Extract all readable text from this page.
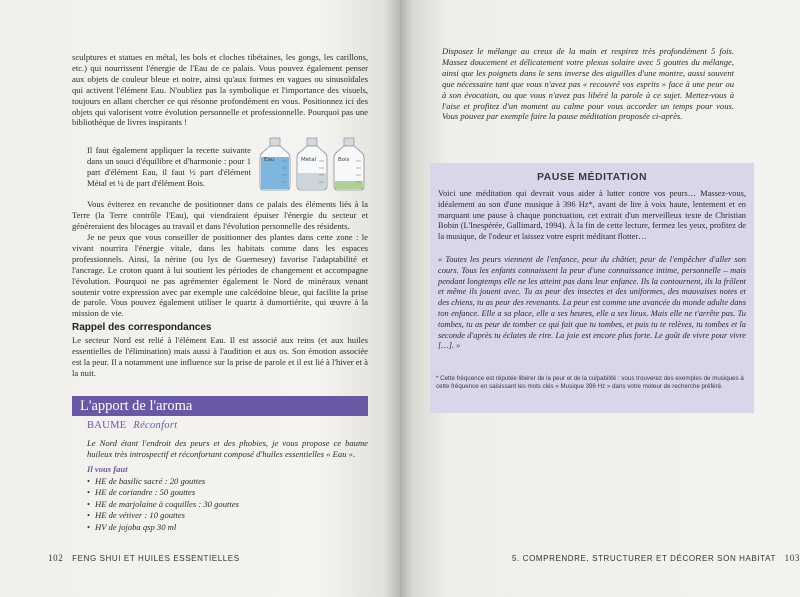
sculptures et statues en métal, les bols et cloches tibétaines, les gongs, les carillons, etc.) qui nourrissent l'énergie de l'Eau de ce palais. Vous pouvez également penser aux objets de couleur bleue et noire, ainsi qu'aux formes en vagues ou sinusoïdales qui activent l'élément Eau. N'oubliez pas la symbolique et l'importance des visuels, toujours en allant chercher ce qui résonne profondément en vous. Positionnez ici des objets qui valorisent votre évolution personnelle et professionnelle. Pourquoi pas une bibliothèque de livres inspirants !

Il faut également appliquer la recette suivante dans un souci d'équilibre et d'harmonie : pour 1 part d'élément Eau, il faut ½ part d'élément Métal et ¼ de part d'élément Bois.

Eau	Métal	Bois

Vous éviterez en revanche de positionner dans ce palais des éléments liés à la Terre (la Terre contrôle l'Eau), qui viendraient épuiser l'énergie du secteur et généreraient des blocages au travail et dans l'évolution personnelle des résidents.

Je ne peux que vous conseiller de positionner des plantes dans cette zone : le vivant nourrira l'énergie vitale, dans les habitats comme dans les espaces professionnels. Ainsi, la nérine (ou lys de Guernesey) favorise l'adaptabilité et l'ancrage. Le croton quant à lui soutient les périodes de changement et accompagne l'évolution. Pourquoi ne pas agrémenter également le Nord de minéraux venant soutenir votre expression avec par exemple une calcédoine bleue, qui facilite la prise de parole. Vous pouvez également utiliser le quartz à dumortiérite, qui œuvre à la mission de vie.

Rappel des correspondances

Le secteur Nord est relié à l'élément Eau. Il est associé aux reins (et aux huiles essentielles de l'élimination) mais aussi à l'audition et aux os. Son émotion associée est la peur. Il a notamment une influence sur la prise de parole et il est lié à l'hiver et à la nuit.

L'apport de l'aroma
BAUME Réconfort

Le Nord étant l'endroit des peurs et des phobies, je vous propose ce baume huileux très introspectif et réconfortant composé d'huiles essentielles « Eau ».

Il vous faut

• HE de basilic sacré : 20 gouttes
• HE de coriandre : 50 gouttes
• HE de marjolaine à coquilles : 30 gouttes
• HE de vétiver : 10 gouttes
• HV de jojoba qsp 30 ml
102 FENG SHUI ET HUILES ESSENTIELLES

Disposez le mélange au creux de la main et respirez très profondément 5 fois. Massez doucement et délicatement votre plexus solaire avec 5 gouttes du mélange, ainsi que les poignets dans le sens inverse des aiguilles d'une montre, aussi souvent que nécessaire tant que vous n'avez pas « recouvré vos esprits » face à une peur ou à son évocation, ou que vous n'avez pas libéré la parole à ce sujet. Mettez-vous à l'aise et profitez d'un moment au calme pour vous accorder un temps pour vous. Vous pouvez par exemple faire la pause méditation proposée ci-après.

PAUSE MÉDITATION

Voici une méditation qui devrait vous aider à lutter contre vos peurs… Massez-vous, idéalement au son d'une musique à 396 Hz*, avant de lire à voix haute, lentement et en marquant une pause à chaque ponctuation, cet extrait d'un merveilleux texte de Christian Bobin (L'Inespérée, Gallimard, 1994). À la fin de cette lecture, fermez les yeux, profitez de la musique, de l'odeur et laissez votre esprit méditant flotter…

« Toutes les peurs viennent de l'enfance, peur du châtier, peur de l'empêcher d'aller son cours. Tous les enfants connaissent la peur d'une connaissance intime, personnelle – mais pendant longtemps elle ne les atteint pas dans leur enfance. Ils la contournent, ils la frôlent et même ils jouent avec. Tu as peur des insectes et des uniformes, des mauvaises notes et des chiens, tu as peur des revenants. La peur est comme une avancée du monde adulte dans ton enfance. Elle a sa place, elle a ses heures, elle a ses lieux. Mais elle ne t'arrête pas. Tu tombes, tu as peur de tomber ce qui fait que tu tombes, et puis tu te relèves, tu tombes et la seconde d'après tu éclates de rire. La joie est encore plus forte. Le goût de vivre pour vivre […]. »

* Cette fréquence est réputée libérer de la peur et de la culpabilité : vous trouverez des exemples de musiques à cette fréquence en saisissant les mots clés « Musique 396 Hz » dans votre moteur de recherche préféré.

5. COMPRENDRE, STRUCTURER ET DÉCORER SON HABITAT 103
